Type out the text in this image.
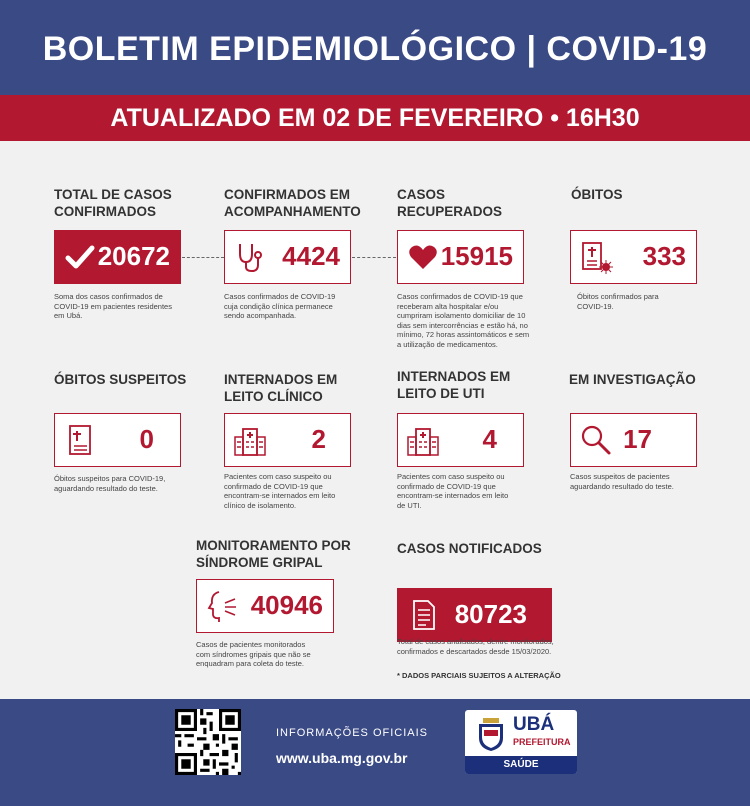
BOLETIM EPIDEMIOLÓGICO | COVID-19
ATUALIZADO EM 02 DE FEVEREIRO • 16H30
TOTAL DE CASOS
CONFIRMADOS
20672
Soma dos casos confirmados de
COVID-19 em pacientes residentes
em Ubá.
CONFIRMADOS EM
ACOMPANHAMENTO
4424
Casos confirmados de COVID-19
cuja condição clínica permanece
sendo acompanhada.
CASOS
RECUPERADOS
15915
Casos confirmados de COVID-19 que
receberam alta hospitalar e/ou
cumpriram isolamento domiciliar de 10
dias sem intercorrências e estão há, no
mínimo, 72 horas assintomáticos e sem
a utilização de medicamentos.
ÓBITOS
333
Óbitos confirmados para
COVID-19.
ÓBITOS SUSPEITOS
0
Óbitos suspeitos para COVID-19,
aguardando resultado do teste.
INTERNADOS EM
LEITO CLÍNICO
2
Pacientes com caso suspeito ou
confirmado de COVID-19 que
encontram-se internados em leito
clínico de isolamento.
INTERNADOS EM
LEITO DE UTI
4
Pacientes com caso suspeito ou
confirmado de COVID-19 que
encontram-se internados em leito
de UTI.
EM INVESTIGAÇÃO
17
Casos suspeitos de pacientes
aguardando resultado do teste.
MONITORAMENTO POR
SÍNDROME GRIPAL
40946
Casos de pacientes monitorados
com síndromes gripais que não se
enquadram para coleta do teste.
CASOS NOTIFICADOS
80723
Total de casos analisados, dentre monitorados,
confirmados e descartados desde 15/03/2020.
* DADOS PARCIAIS SUJEITOS A ALTERAÇÃO
INFORMAÇÕES OFICIAIS
www.uba.mg.gov.br
UBÁ
PREFEITURA
SAÚDE
